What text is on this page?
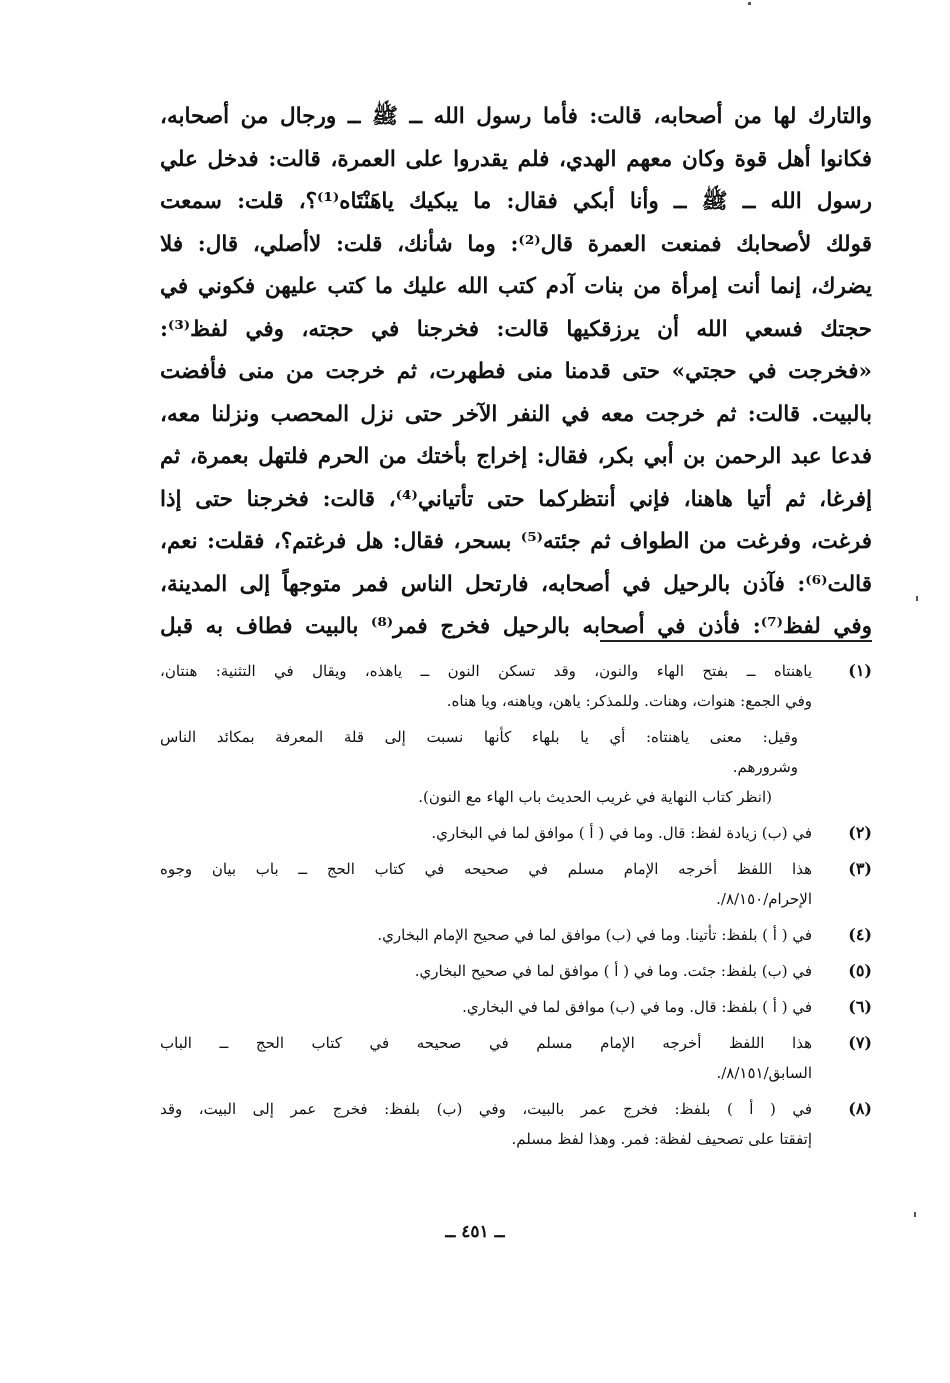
والتارك لها من أصحابه، قالت: فأما رسول الله ــ ﷺ ــ ورجال من أصحابه،
فكانوا أهل قوة وكان معهم الهدي، فلم يقدروا على العمرة، قالت: فدخل علي
رسول الله ــ ﷺ ــ وأنا أبكي فقال: ما يبكيك ياهَنْتَاه⁽¹⁾؟، قلت: سمعت
قولك لأصحابك فمنعت العمرة قال⁽²⁾: وما شأنك، قلت: لاأصلي، قال: فلا
يضرك، إنما أنت إمرأة من بنات آدم كتب الله عليك ما كتب عليهن فكوني في
حجتك فسعي الله أن يرزقكيها قالت: فخرجنا في حجته، وفي لفظ⁽³⁾:
«فخرجت في حجتي» حتى قدمنا منى فطهرت، ثم خرجت من منى فأفضت
بالبيت. قالت: ثم خرجت معه في النفر الآخر حتى نزل المحصب ونزلنا معه،
فدعا عبد الرحمن بن أبي بكر، فقال: إخراج بأختك من الحرم فلتهل بعمرة، ثم
إفرغا، ثم أتيا هاهنا، فإني أنتظركما حتى تأتياني⁽⁴⁾، قالت: فخرجنا حتى إذا
فرغت، وفرغت من الطواف ثم جئته⁽⁵⁾ بسحر، فقال: هل فرغتم؟، فقلت: نعم،
قالت⁽⁶⁾: فآذن بالرحيل في أصحابه، فارتحل الناس فمر متوجهاً إلى المدينة،
وفي لفظ⁽⁷⁾: فأذن في أصحابه بالرحيل فخرج فمر⁽⁸⁾ بالبيت فطاف به قبل
(١)
ياهنتاه ــ بفتح الهاء والنون، وقد تسكن النون ــ ياهذه، ويقال في التثنية: هنتان،
وفي الجمع: هنوات، وهنات. وللمذكر: ياهن، وياهنه، ويا هناه.
وقيل: معنى ياهنتاه: أي يا بلهاء كأنها نسبت إلى قلة المعرفة بمكائد الناس
وشرورهم.
(انظر كتاب النهاية في غريب الحديث باب الهاء مع النون).
(٢)
في (ب) زيادة لفظ: قال. وما في ( أ ) موافق لما في البخاري.
(٣)
هذا اللفظ أخرجه الإمام مسلم في صحيحه في كتاب الحج ــ باب بيان وجوه
الإحرام/٨/١٥٠/.
(٤)
في ( أ ) بلفظ: تأتينا. وما في (ب) موافق لما في صحيح الإمام البخاري.
(٥)
في (ب) بلفظ: جئت. وما في ( أ ) موافق لما في صحيح البخاري.
(٦)
في ( أ ) بلفظ: قال. وما في (ب) موافق لما في البخاري.
(٧)
هذا اللفظ أخرجه الإمام مسلم في صحيحه في كتاب الحج ــ الباب
السابق/٨/١٥١/.
(٨)
في ( أ ) بلفظ: فخرج عمر بالبيت، وفي (ب) بلفظ: فخرج عمر إلى البيت، وقد
إتفقتا على تصحيف لفظة: فمر. وهذا لفظ مسلم.
ــ ٤٥١ ــ
